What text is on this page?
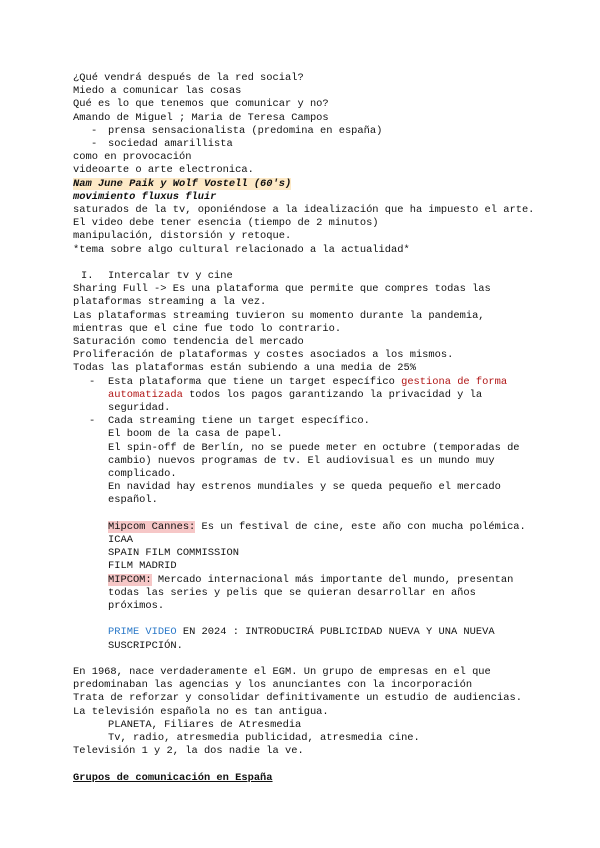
¿Qué vendrá después de la red social?
Miedo a comunicar las cosas
Qué es lo que tenemos que comunicar y no?
Amando de Miguel ; Maria de Teresa Campos
- prensa sensacionalista (predomina en españa)
- sociedad amarillista
como en provocación
videoarte o arte electronica.
Nam June Paik y Wolf Vostell (60's)
movimiento fluxus fluir
saturados de la tv, oponiéndose a la idealización que ha impuesto el arte.
El video debe tener esencia (tiempo de 2 minutos)
manipulación, distorsión y retoque.
*tema sobre algo cultural relacionado a la actualidad*
I. Intercalar tv y cine
Sharing Full -> Es una plataforma que permite que compres todas las plataformas streaming a la vez.
Las plataformas streaming tuvieron su momento durante la pandemia, mientras que el cine fue todo lo contrario.
Saturación como tendencia del mercado
Proliferación de plataformas y costes asociados a los mismos.
Todas las plataformas están subiendo a una media de 25%
- Esta plataforma que tiene un target específico gestiona de forma automatizada todos los pagos garantizando la privacidad y la seguridad.
- Cada streaming tiene un target específico.
El boom de la casa de papel.
El spin-off de Berlín, no se puede meter en octubre (temporadas de cambio) nuevos programas de tv. El audiovisual es un mundo muy complicado.
En navidad hay estrenos mundiales y se queda pequeño el mercado español.
Mipcom Cannes: Es un festival de cine, este año con mucha polémica.
ICAA
SPAIN FILM COMMISSION
FILM MADRID
MIPCOM: Mercado internacional más importante del mundo, presentan todas las series y pelis que se quieran desarrollar en años próximos.
PRIME VIDEO EN 2024 : INTRODUCIRÁ PUBLICIDAD NUEVA Y UNA NUEVA SUSCRIPCIÓN.
En 1968, nace verdaderamente el EGM. Un grupo de empresas en el que predominaban las agencias y los anunciantes con la incorporación
Trata de reforzar y consolidar definitivamente un estudio de audiencias.
La televisión española no es tan antigua.
PLANETA, Filiares de Atresmedia
Tv, radio, atresmedia publicidad, atresmedia cine.
Televisión 1 y 2, la dos nadie la ve.
Grupos de comunicación en España
